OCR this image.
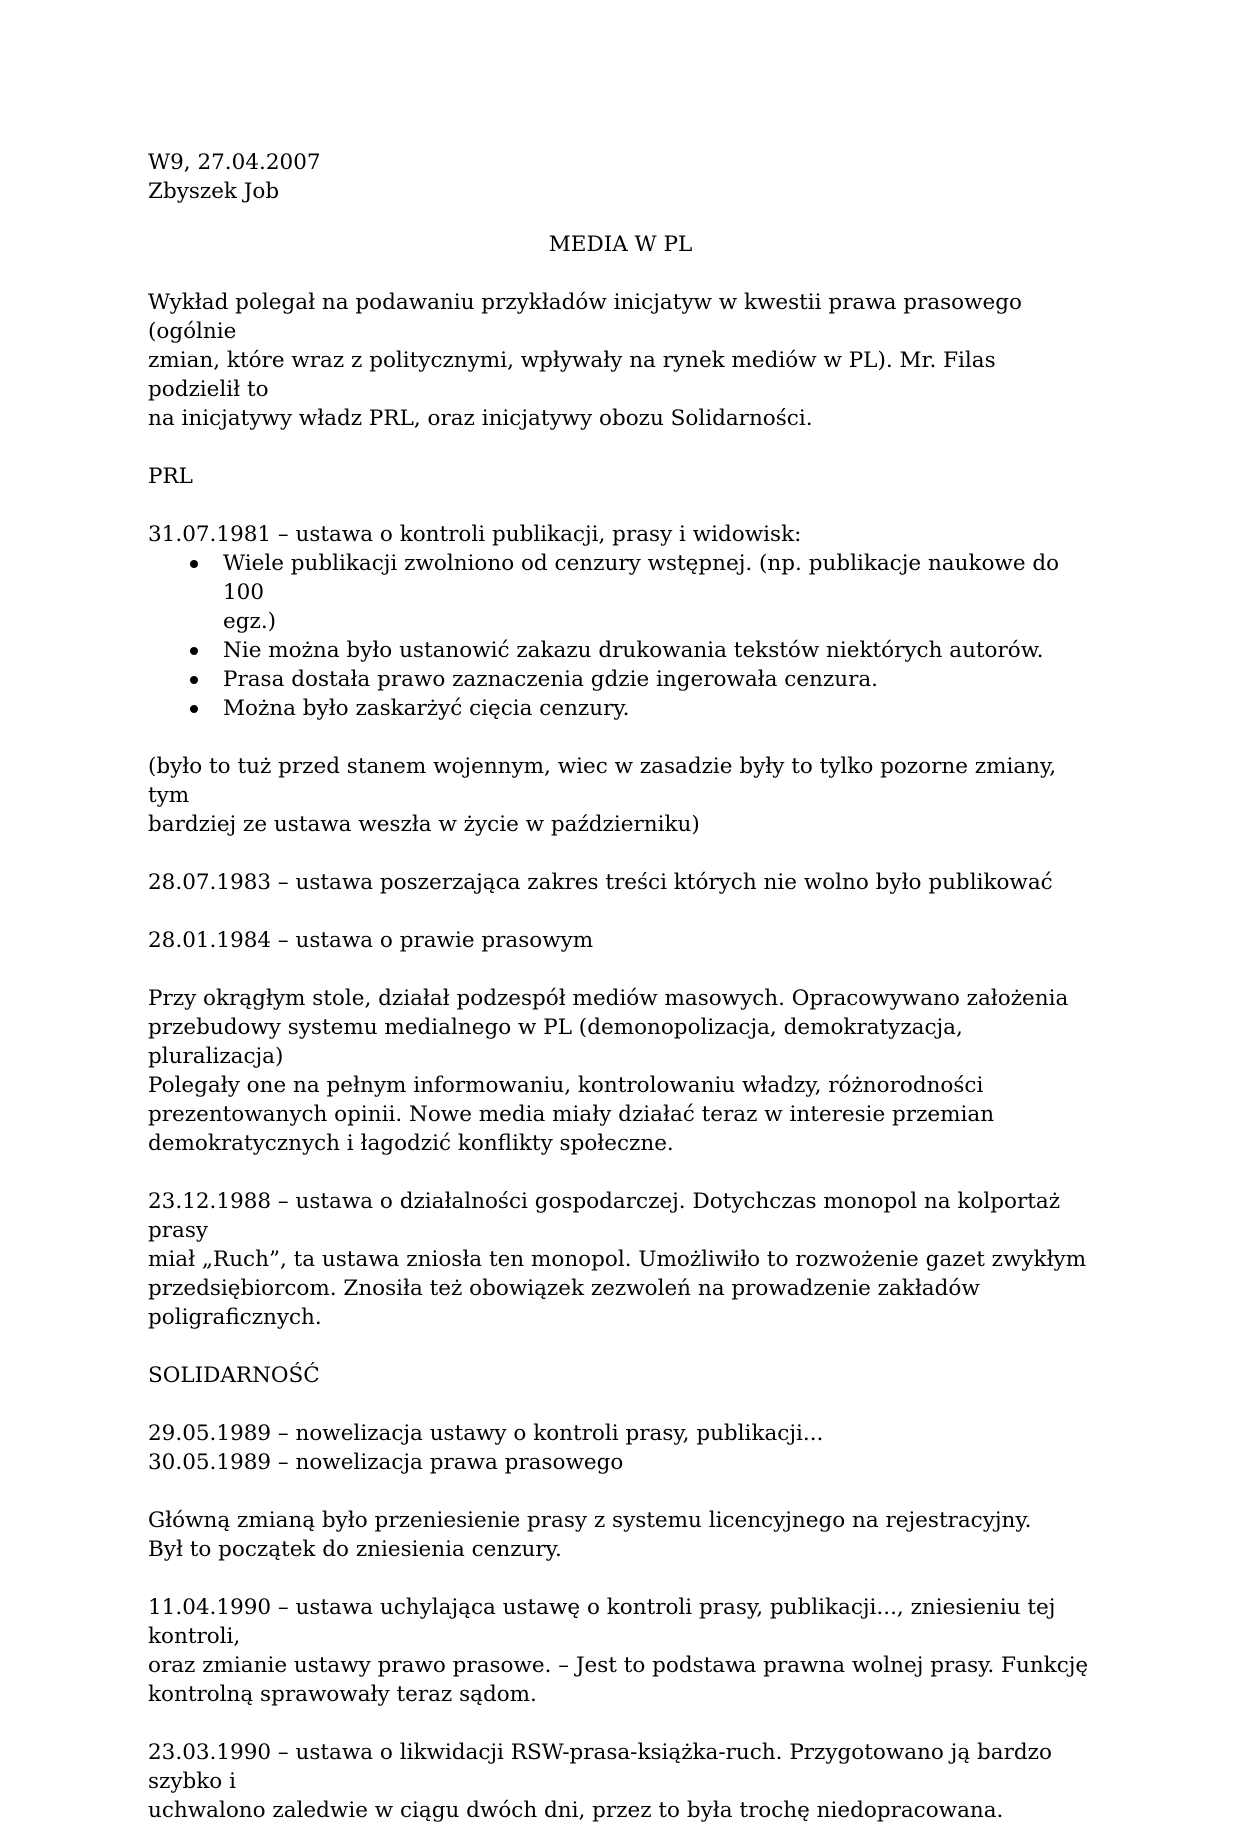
W9, 27.04.2007

Zbyszek Job

MEDIA W PL

Wykład polegał na podawaniu przykładów inicjatyw w kwestii prawa prasowego (ogólnie
zmian, które wraz z politycznymi, wpływały na rynek mediów w PL). Mr. Filas podzielił to
na inicjatywy władz PRL, oraz inicjatywy obozu Solidarności.

PRL

31.07.1981 – ustawa o kontroli publikacji, prasy i widowisk:

Wiele publikacji zwolniono od cenzury wstępnej. (np. publikacje naukowe do 100
egz.)
Nie można było ustanowić zakazu drukowania tekstów niektórych autorów.
Prasa dostała prawo zaznaczenia gdzie ingerowała cenzura.
Można było zaskarżyć cięcia cenzury.

(było to tuż przed stanem wojennym, wiec w zasadzie były to tylko pozorne zmiany, tym
bardziej ze ustawa weszła w życie w październiku)

28.07.1983 – ustawa poszerzająca zakres treści których nie wolno było publikować

28.01.1984 – ustawa o prawie prasowym

Przy okrągłym stole, działał podzespół mediów masowych. Opracowywano założenia
przebudowy systemu medialnego w PL (demonopolizacja, demokratyzacja, pluralizacja)
Polegały one na pełnym informowaniu, kontrolowaniu władzy, różnorodności
prezentowanych opinii. Nowe media miały działać teraz w interesie przemian
demokratycznych i łagodzić konflikty społeczne.

23.12.1988 – ustawa o działalności gospodarczej. Dotychczas monopol na kolportaż prasy
miał „Ruch”, ta ustawa zniosła ten monopol. Umożliwiło to rozwożenie gazet zwykłym
przedsiębiorcom. Znosiła też obowiązek zezwoleń na prowadzenie zakładów poligraficznych.

SOLIDARNOŚĆ

29.05.1989 – nowelizacja ustawy o kontroli prasy, publikacji...
30.05.1989 – nowelizacja prawa prasowego

Główną zmianą było przeniesienie prasy z systemu licencyjnego na rejestracyjny.
Był to początek do zniesienia cenzury.

11.04.1990 – ustawa uchylająca ustawę o kontroli prasy, publikacji..., zniesieniu tej kontroli,
oraz zmianie ustawy prawo prasowe. – Jest to podstawa prawna wolnej prasy. Funkcję
kontrolną sprawowały teraz sądom.

23.03.1990 – ustawa o likwidacji RSW-prasa-książka-ruch. Przygotowano ją bardzo szybko i
uchwalono zaledwie w ciągu dwóch dni, przez to była trochę niedopracowana.
